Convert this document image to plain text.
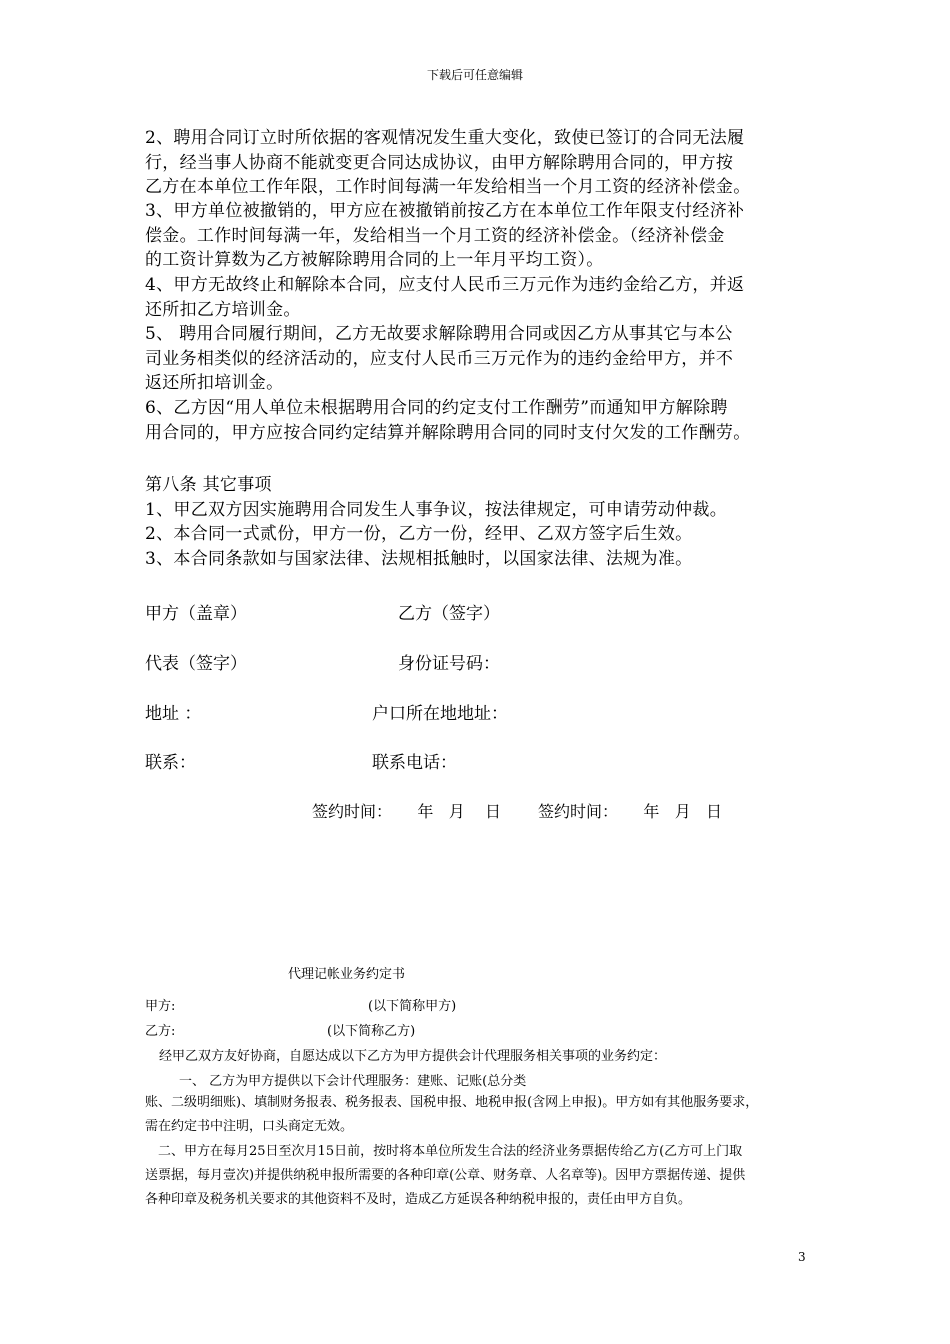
下载后可任意编辑
2、聘用合同订立时所依据的客观情况发生重大变化，致使已签订的合同无法履
行，经当事人协商不能就变更合同达成协议，由甲方解除聘用合同的，甲方按
乙方在本单位工作年限，工作时间每满一年发给相当一个月工资的经济补偿金。
3、甲方单位被撤销的，甲方应在被撤销前按乙方在本单位工作年限支付经济补
偿金。工作时间每满一年，发给相当一个月工资的经济补偿金。（经济补偿金
的工资计算数为乙方被解除聘用合同的上一年月平均工资）。
4、甲方无故终止和解除本合同，应支付人民币三万元作为违约金给乙方，并返
还所扣乙方培训金。
5、 聘用合同履行期间，乙方无故要求解除聘用合同或因乙方从事其它与本公
司业务相类似的经济活动的，应支付人民币三万元作为的违约金给甲方，并不
返还所扣培训金。
6、乙方因“用人单位未根据聘用合同的约定支付工作酬劳”而通知甲方解除聘
用合同的，甲方应按合同约定结算并解除聘用合同的同时支付欠发的工作酬劳。
第八条 其它事项
1、甲乙双方因实施聘用合同发生人事争议，按法律规定，可申请劳动仲裁。
2、本合同一式贰份，甲方一份，乙方一份，经甲、乙双方签字后生效。
3、本合同条款如与国家法律、法规相抵触时，以国家法律、法规为准。
甲方（盖章）	乙方（签字）
代表（签字）	身份证号码：
地址 ：	户口所在地地址：
联系：	联系电话：
签约时间：     年   月    日 签约时间：     年   月   日
代理记帐业务约定书
甲方:	(以下简称甲方)
乙方:	(以下简称乙方)
经甲乙双方友好协商，自愿达成以下乙方为甲方提供会计代理服务相关事项的业务约定：
一、 乙方为甲方提供以下会计代理服务：建账、记账(总分类
账、二级明细账)、填制财务报表、税务报表、国税申报、地税申报(含网上申报)。甲方如有其他服务要求，
需在约定书中注明，口头商定无效。
二、甲方在每月25日至次月15日前，按时将本单位所发生合法的经济业务票据传给乙方(乙方可上门取
送票据，每月壹次)并提供纳税申报所需要的各种印章(公章、财务章、人名章等)。因甲方票据传递、提供
各种印章及税务机关要求的其他资料不及时，造成乙方延误各种纳税申报的，责任由甲方自负。
3
